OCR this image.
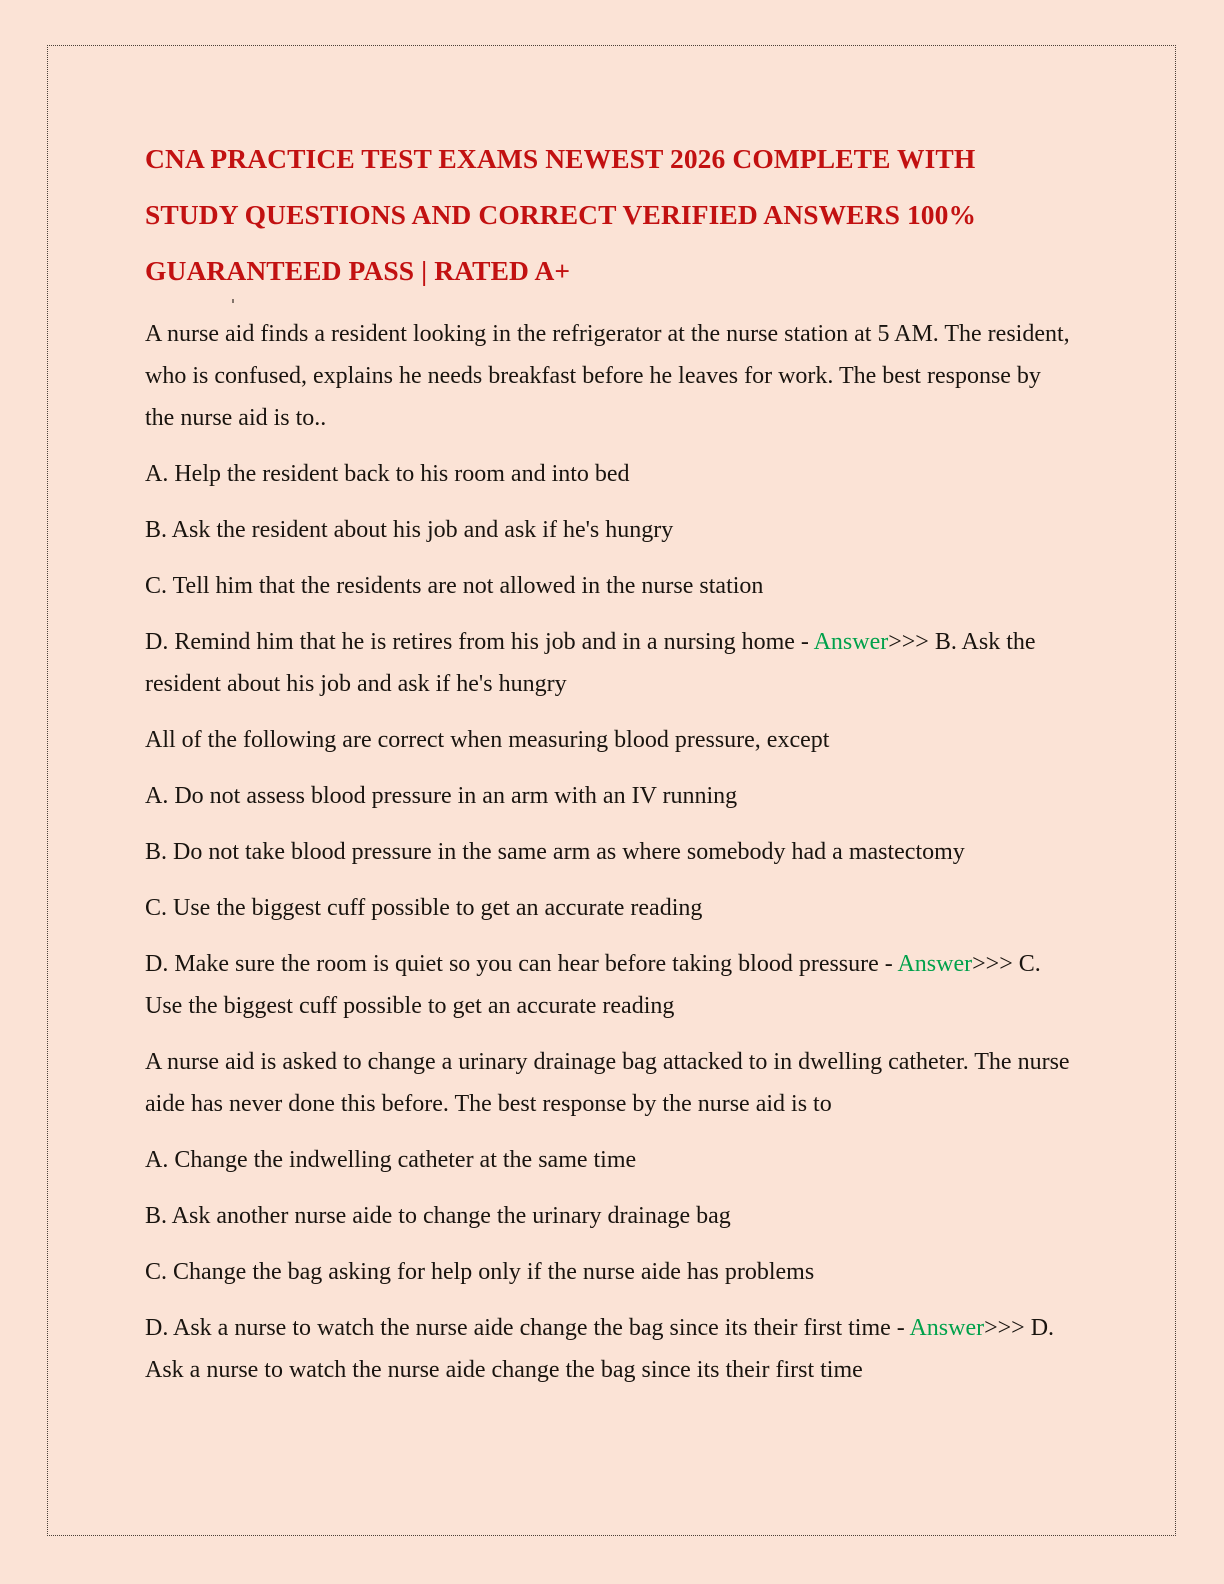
CNA PRACTICE TEST EXAMS NEWEST 2026 COMPLETE WITH STUDY QUESTIONS AND CORRECT VERIFIED ANSWERS 100% GUARANTEED PASS | RATED A+

A nurse aid finds a resident looking in the refrigerator at the nurse station at 5 AM. The resident, who is confused, explains he needs breakfast before he leaves for work. The best response by the nurse aid is to..

A. Help the resident back to his room and into bed

B. Ask the resident about his job and ask if he's hungry

C. Tell him that the residents are not allowed in the nurse station

D. Remind him that he is retires from his job and in a nursing home - Answer>>> B. Ask the resident about his job and ask if he's hungry

All of the following are correct when measuring blood pressure, except

A. Do not assess blood pressure in an arm with an IV running

B. Do not take blood pressure in the same arm as where somebody had a mastectomy

C. Use the biggest cuff possible to get an accurate reading

D. Make sure the room is quiet so you can hear before taking blood pressure - Answer>>> C. Use the biggest cuff possible to get an accurate reading

A nurse aid is asked to change a urinary drainage bag attacked to in dwelling catheter. The nurse aide has never done this before. The best response by the nurse aid is to

A. Change the indwelling catheter at the same time

B. Ask another nurse aide to change the urinary drainage bag

C. Change the bag asking for help only if the nurse aide has problems

D. Ask a nurse to watch the nurse aide change the bag since its their first time - Answer>>> D. Ask a nurse to watch the nurse aide change the bag since its their first time
